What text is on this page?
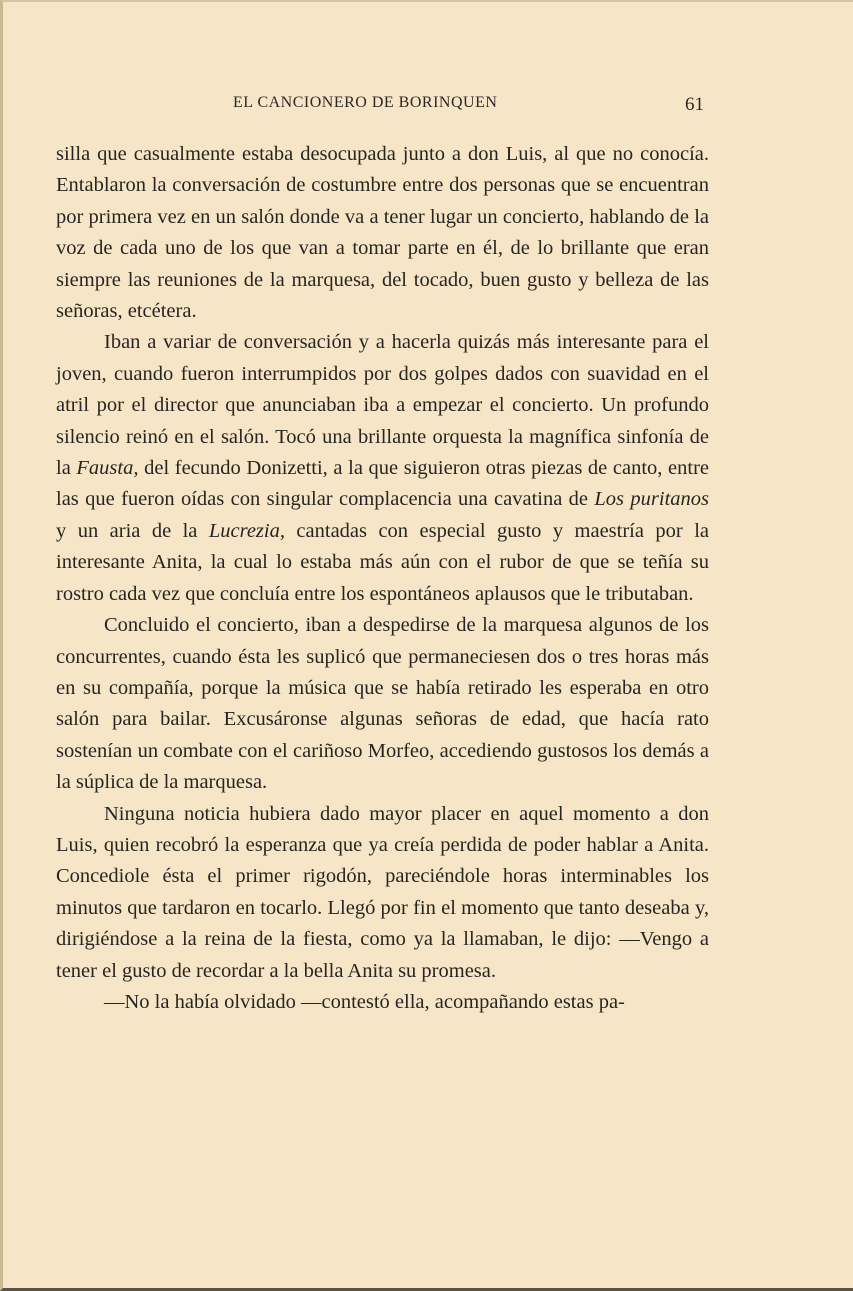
EL CANCIONERO DE BORINQUEN	61

silla que casualmente estaba desocupada junto a don Luis, al que no conocía. Entablaron la conversación de costumbre entre dos personas que se encuentran por primera vez en un salón donde va a tener lugar un concierto, hablando de la voz de cada uno de los que van a tomar parte en él, de lo brillante que eran siempre las reuniones de la marquesa, del tocado, buen gusto y belleza de las señoras, etcétera.

Iban a variar de conversación y a hacerla quizás más interesante para el joven, cuando fueron interrumpidos por dos golpes dados con suavidad en el atril por el director que anunciaban iba a empezar el concierto. Un profundo silencio reinó en el salón. Tocó una brillante orquesta la magnífica sinfonía de la Fausta, del fecundo Donizetti, a la que siguieron otras piezas de canto, entre las que fueron oídas con singular complacencia una cavatina de Los puritanos y un aria de la Lucrezia, cantadas con especial gusto y maestría por la interesante Anita, la cual lo estaba más aún con el rubor de que se teñía su rostro cada vez que concluía entre los espontáneos aplausos que le tributaban.

Concluido el concierto, iban a despedirse de la marquesa algunos de los concurrentes, cuando ésta les suplicó que permaneciesen dos o tres horas más en su compañía, porque la música que se había retirado les esperaba en otro salón para bailar. Excusáronse algunas señoras de edad, que hacía rato sostenían un combate con el cariñoso Morfeo, accediendo gustosos los demás a la súplica de la marquesa.

Ninguna noticia hubiera dado mayor placer en aquel momento a don Luis, quien recobró la esperanza que ya creía perdida de poder hablar a Anita. Concediole ésta el primer rigodón, pareciéndole horas interminables los minutos que tardaron en tocarlo. Llegó por fin el momento que tanto deseaba y, dirigiéndose a la reina de la fiesta, como ya la llamaban, le dijo: —Vengo a tener el gusto de recordar a la bella Anita su promesa.

—No la había olvidado —contestó ella, acompañando estas pa-
